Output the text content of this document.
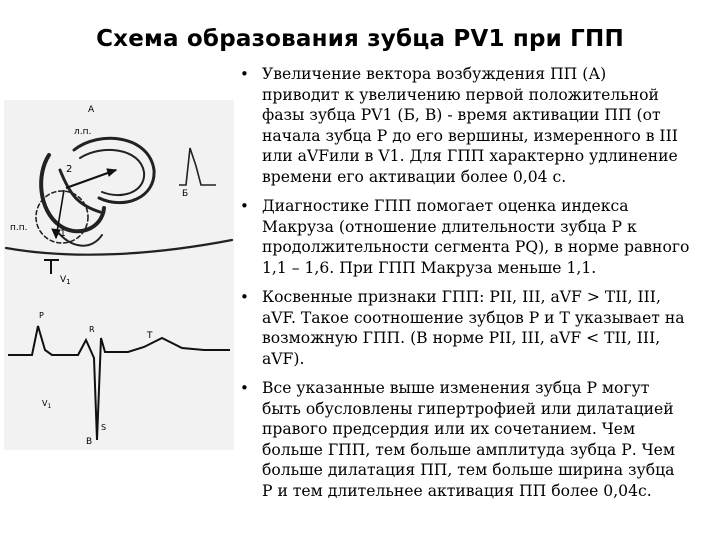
Схема образования зубца PV1 при ГПП
A
л.п.
п.п.
2
1
Б
$V_1$
P
R
T
$V_1$
S
B
• Увеличение вектора возбуждения ПП (А)
приводит к увеличению первой положительной
фазы зубца PV1 (Б, В) - время активации ПП (от
начала зубца Р до его вершины, измеренного в III
или aVFили в V1. Для ГПП характерно удлинение
времени его активации более 0,04 с.
• Диагностике ГПП помогает оценка индекса
Макруза (отношение длительности зубца Р к
продолжительности сегмента PQ), в норме равного
1,1 – 1,6. При ГПП Макруза меньше 1,1.
• Косвенные признаки ГПП: PII, III, aVF > TII, III,
aVF. Такое соотношение зубцов Р и Т указывает на
возможную ГПП. (В норме PII, III, aVF < TII, III,
aVF).
• Все указанные выше изменения зубца Р могут
быть обусловлены гипертрофией или дилатацией
правого предсердия или их сочетанием. Чем
больше ГПП, тем больше амплитуда зубца Р. Чем
больше дилатация ПП, тем больше ширина зубца
Р и тем длительнее активация ПП более 0,04с.
